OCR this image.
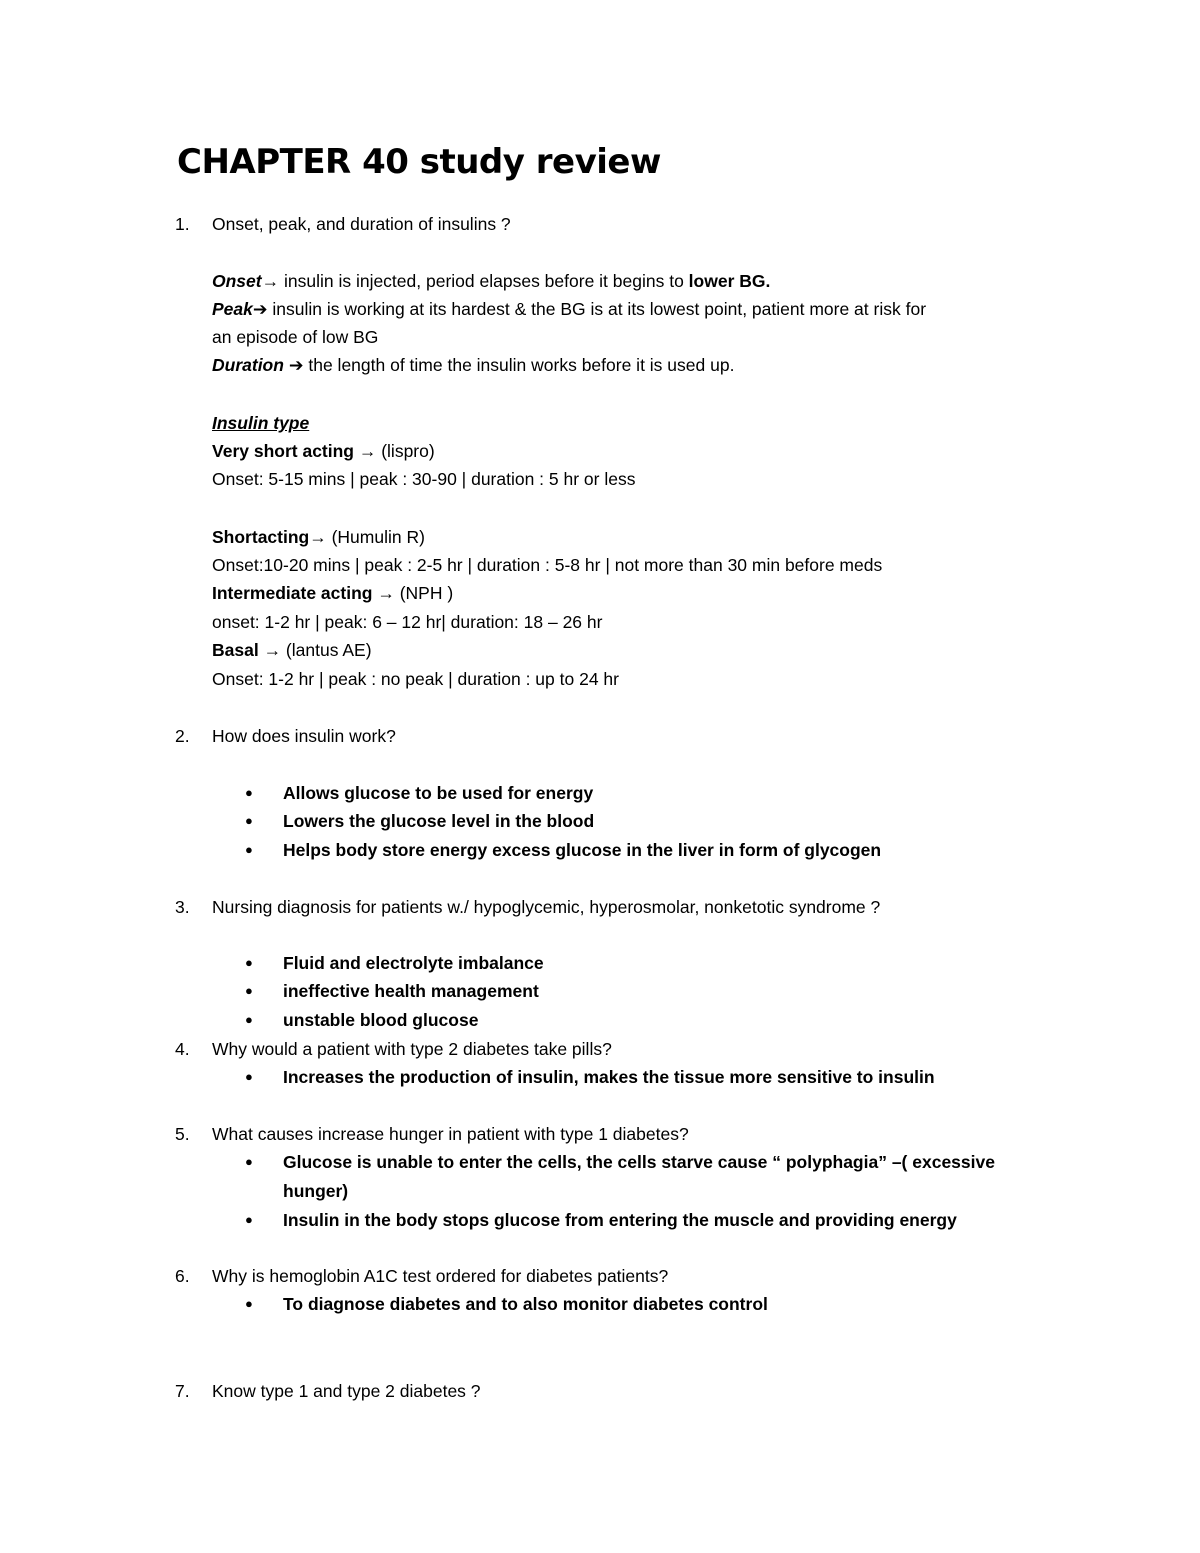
CHAPTER 40 study review
1. Onset, peak, and duration of insulins ?
Onset→ insulin is injected, period elapses before it begins to lower BG.
Peak➔ insulin is working at its hardest & the BG is at its lowest point, patient more at risk for
an episode of low BG
Duration ➔ the length of time the insulin works before it is used up.
Insulin type
Very short acting → (lispro)
Onset: 5-15 mins | peak : 30-90 | duration : 5 hr or less
Shortacting→ (Humulin R)
Onset:10-20 mins | peak : 2-5 hr | duration : 5-8 hr | not more than 30 min before meds
Intermediate acting → (NPH )
onset: 1-2 hr | peak: 6 – 12 hr| duration: 18 – 26 hr
Basal → (lantus AE)
Onset: 1-2 hr | peak : no peak | duration : up to 24 hr
2. How does insulin work?
● Allows glucose to be used for energy
● Lowers the glucose level in the blood
● Helps body store energy excess glucose in the liver in form of glycogen
3. Nursing diagnosis for patients w./ hypoglycemic, hyperosmolar, nonketotic syndrome ?
● Fluid and electrolyte imbalance
● ineffective health management
● unstable blood glucose
4. Why would a patient with type 2 diabetes take pills?
● Increases the production of insulin, makes the tissue more sensitive to insulin
5. What causes increase hunger in patient with type 1 diabetes?
● Glucose is unable to enter the cells, the cells starve cause “ polyphagia” –( excessive
hunger)
● Insulin in the body stops glucose from entering the muscle and providing energy
6. Why is hemoglobin A1C test ordered for diabetes patients?
● To diagnose diabetes and to also monitor diabetes control
7. Know type 1 and type 2 diabetes ?
